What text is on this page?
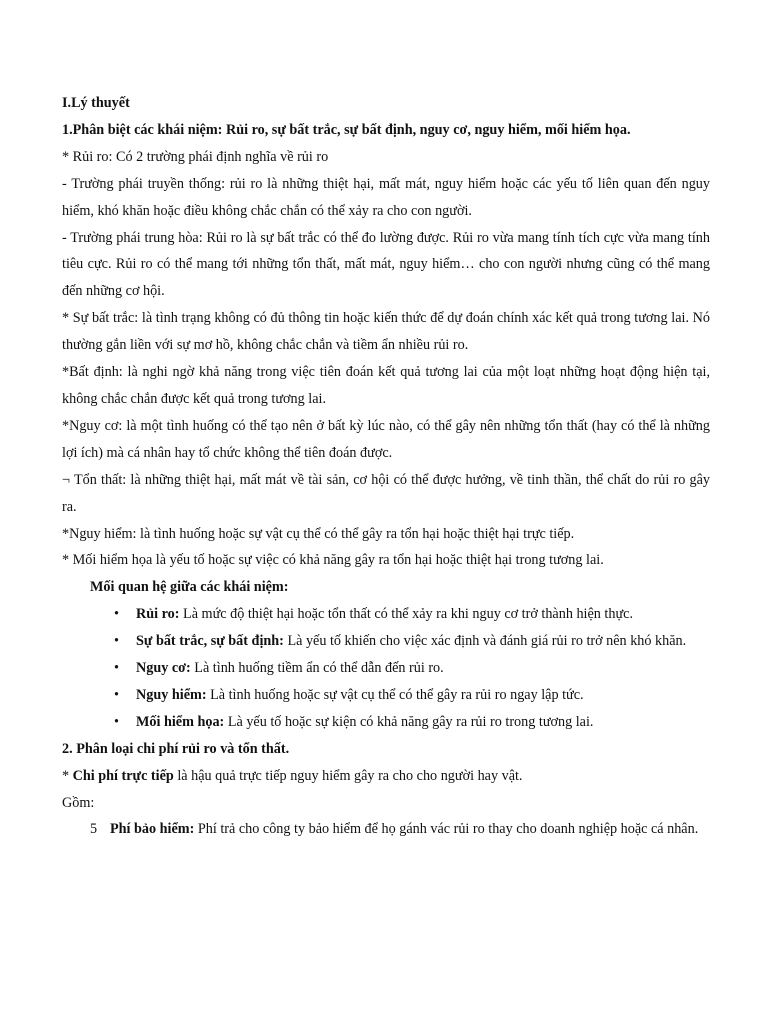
I.Lý thuyết

1.Phân biệt các khái niệm: Rủi ro, sự bất trắc, sự bất định, nguy cơ, nguy hiểm, mối hiểm họa.

* Rủi ro: Có 2 trường phái định nghĩa về rủi ro

- Trường phái truyền thống: rủi ro là những thiệt hại, mất mát, nguy hiểm hoặc các yếu tố liên quan đến nguy hiểm, khó khăn hoặc điều không chắc chắn có thể xảy ra cho con người.

- Trường phái trung hòa: Rủi ro là sự bất trắc có thể đo lường được. Rủi ro vừa mang tính tích cực vừa mang tính tiêu cực. Rủi ro có thể mang tới những tổn thất, mất mát, nguy hiểm… cho con người nhưng cũng có thể mang đến những cơ hội.

* Sự bất trắc: là tình trạng không có đủ thông tin hoặc kiến thức để dự đoán chính xác kết quả trong tương lai. Nó thường gắn liền với sự mơ hồ, không chắc chắn và tiềm ẩn nhiều rủi ro.

*Bất định: là nghi ngờ khả năng trong việc tiên đoán kết quả tương lai của một loạt những hoạt động hiện tại, không chắc chắn được kết quả trong tương lai.

*Nguy cơ: là một tình huống có thể tạo nên ở bất kỳ lúc nào, có thể gây nên những tổn thất (hay có thể là những lợi ích) mà cá nhân hay tổ chức không thể tiên đoán được.

¬ Tổn thất: là những thiệt hại, mất mát về tài sản, cơ hội có thể được hưởng, về tinh thần, thể chất do rủi ro gây ra.

*Nguy hiểm: là tình huống hoặc sự vật cụ thể có thể gây ra tổn hại hoặc thiệt hại trực tiếp.

* Mối hiểm họa là yếu tố hoặc sự việc có khả năng gây ra tổn hại hoặc thiệt hại trong tương lai.

Mối quan hệ giữa các khái niệm:

• Rủi ro: Là mức độ thiệt hại hoặc tổn thất có thể xảy ra khi nguy cơ trở thành hiện thực.
• Sự bất trắc, sự bất định: Là yếu tố khiến cho việc xác định và đánh giá rủi ro trở nên khó khăn.
• Nguy cơ: Là tình huống tiềm ẩn có thể dẫn đến rủi ro.
• Nguy hiểm: Là tình huống hoặc sự vật cụ thể có thể gây ra rủi ro ngay lập tức.
• Mối hiểm họa: Là yếu tố hoặc sự kiện có khả năng gây ra rủi ro trong tương lai.

2. Phân loại chi phí rủi ro và tổn thất.

* Chi phí trực tiếp là hậu quả trực tiếp nguy hiểm gây ra cho cho người hay vật.

Gồm:

5 Phí bảo hiểm: Phí trả cho công ty bảo hiểm để họ gánh vác rủi ro thay cho doanh nghiệp hoặc cá nhân.
